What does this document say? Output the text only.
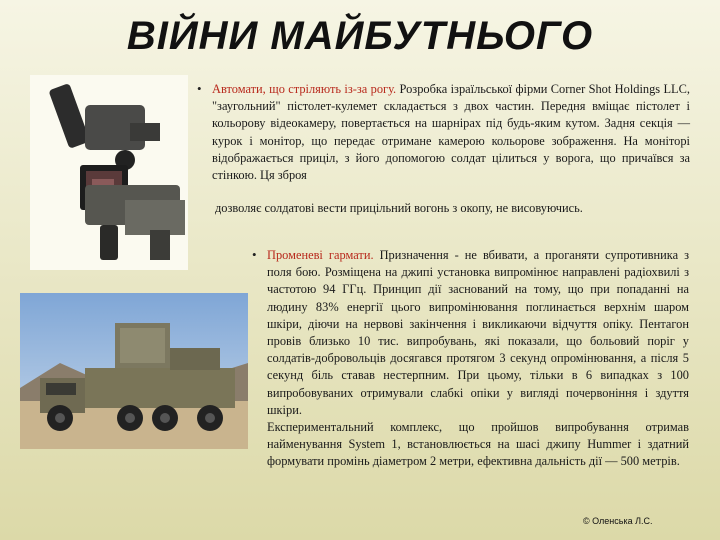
ВІЙНИ МАЙБУТНЬОГО
• Автомати, що стріляють із-за рогу. Розробка ізраїльської фірми Corner Shot Holdings LLC, "заугольний" пістолет-кулемет складається з двох частин. Передня вміщає пістолет і кольорову відеокамеру, повертається на шарнірах під будь-яким кутом. Задня секція — курок і монітор, що передає отримане камерою кольорове зображення. На моніторі відображається прицiл, з його допомогою солдат цілиться у ворога, що причаївся за стінкою. Ця зброя

дозволяє солдатові вести прицільний вогонь з окопу, не висовуючись.

• Променеві гармати. Призначення - не вбивати, а проганяти супротивника з поля бою. Розміщена на джипі установка випромінює направлені радіохвилі з частотою 94 ГГц. Принцип дії заснований на тому, що при попаданні на людину 83% енергії цього випромінювання поглинається верхнім шаром шкіри, діючи на нервові закінчення і викликаючи відчуття опіку. Пентагон провів близько 10 тис. випробувань, які показали, що больовий поріг у солдатів-добровольців досягався протягом 3 секунд опромінювання, а після 5 секунд біль ставав нестерпним. При цьому, тільки в 6 випадках з 100 випробовуваних отримували слабкі опіки у вигляді почервоніння і здуття шкіри.
Експериментальний комплекс, що пройшов випробування отримав найменування System 1, встановлюється на шасі джипу Hummer і здатний формувати промінь діаметром 2 метри, ефективна дальність дії — 500 метрів.

© Оленська Л.С.
